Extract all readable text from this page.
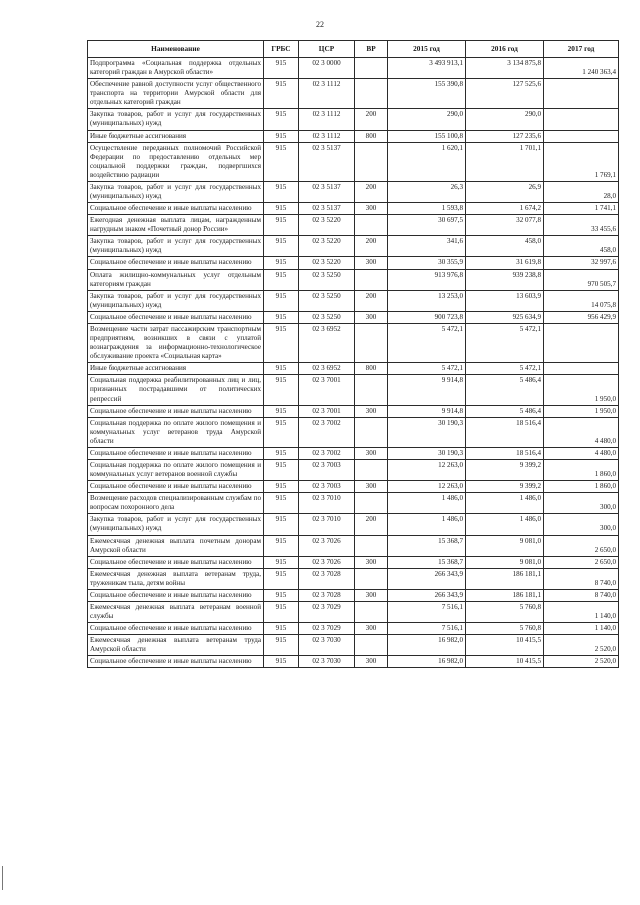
22
Наименование	ГРБС	ЦСР	ВР	2015 год	2016 год	2017 год
Подпрограмма «Социальная поддержка отдельных категорий граждан в Амурской области»	915	02 3 0000		3 493 913,1	3 134 875,8	1 240 363,4
Обеспечение равной доступности услуг общественного транспорта на территории Амурской области для отдельных категорий граждан	915	02 3 1112		155 390,8	127 525,6	
Закупка товаров, работ и услуг для государственных (муниципальных) нужд	915	02 3 1112	200	290,0	290,0	
Иные бюджетные ассигнования	915	02 3 1112	800	155 100,8	127 235,6	
Осуществление переданных полномочий Российской Федерации по предоставлению отдельных мер социальной поддержки граждан, подвергшихся воздействию радиации	915	02 3 5137		1 620,1	1 701,1	1 769,1
Закупка товаров, работ и услуг для государственных (муниципальных) нужд	915	02 3 5137	200	26,3	26,9	28,0
Социальное обеспечение и иные выплаты населению	915	02 3 5137	300	1 593,8	1 674,2	1 741,1
Ежегодная денежная выплата лицам, награжденным нагрудным знаком «Почетный донор России»	915	02 3 5220		30 697,5	32 077,8	33 455,6
Закупка товаров, работ и услуг для государственных (муниципальных) нужд	915	02 3 5220	200	341,6	458,0	458,0
Социальное обеспечение и иные выплаты населению	915	02 3 5220	300	30 355,9	31 619,8	32 997,6
Оплата жилищно-коммунальных услуг отдельным категориям граждан	915	02 3 5250		913 976,8	939 238,8	970 505,7
Закупка товаров, работ и услуг для государственных (муниципальных) нужд	915	02 3 5250	200	13 253,0	13 603,9	14 075,8
Социальное обеспечение и иные выплаты населению	915	02 3 5250	300	900 723,8	925 634,9	956 429,9
Возмещение части затрат пассажирским транспортным предприятиям, возникших в связи с уплатой вознаграждения за информационно-технологическое обслуживание проекта «Социальная карта»	915	02 3 6952		5 472,1	5 472,1	
Иные бюджетные ассигнования	915	02 3 6952	800	5 472,1	5 472,1	
Социальная поддержка реабилитированных лиц и лиц, признанных пострадавшими от политических репрессий	915	02 3 7001		9 914,8	5 486,4	1 950,0
Социальное обеспечение и иные выплаты населению	915	02 3 7001	300	9 914,8	5 486,4	1 950,0
Социальная поддержка по оплате жилого помещения и коммунальных услуг ветеранов труда Амурской области	915	02 3 7002		30 190,3	18 516,4	4 480,0
Социальное обеспечение и иные выплаты населению	915	02 3 7002	300	30 190,3	18 516,4	4 480,0
Социальная поддержка по оплате жилого помещения и коммунальных услуг ветеранов военной службы	915	02 3 7003		12 263,0	9 399,2	1 860,0
Социальное обеспечение и иные выплаты населению	915	02 3 7003	300	12 263,0	9 399,2	1 860,0
Возмещение расходов специализированным службам по вопросам похоронного дела	915	02 3 7010		1 486,0	1 486,0	300,0
Закупка товаров, работ и услуг для государственных (муниципальных) нужд	915	02 3 7010	200	1 486,0	1 486,0	300,0
Ежемесячная денежная выплата почетным донорам Амурской области	915	02 3 7026		15 368,7	9 081,0	2 650,0
Социальное обеспечение и иные выплаты населению	915	02 3 7026	300	15 368,7	9 081,0	2 650,0
Ежемесячная денежная выплата ветеранам труда, труженикам тыла, детям войны	915	02 3 7028		266 343,9	186 181,1	8 740,0
Социальное обеспечение и иные выплаты населению	915	02 3 7028	300	266 343,9	186 181,1	8 740,0
Ежемесячная денежная выплата ветеранам военной службы	915	02 3 7029		7 516,1	5 760,8	1 140,0
Социальное обеспечение и иные выплаты населению	915	02 3 7029	300	7 516,1	5 760,8	1 140,0
Ежемесячная денежная выплата ветеранам труда Амурской области	915	02 3 7030		16 982,0	10 415,5	2 520,0
Социальное обеспечение и иные выплаты населению	915	02 3 7030	300	16 982,0	10 415,5	2 520,0
